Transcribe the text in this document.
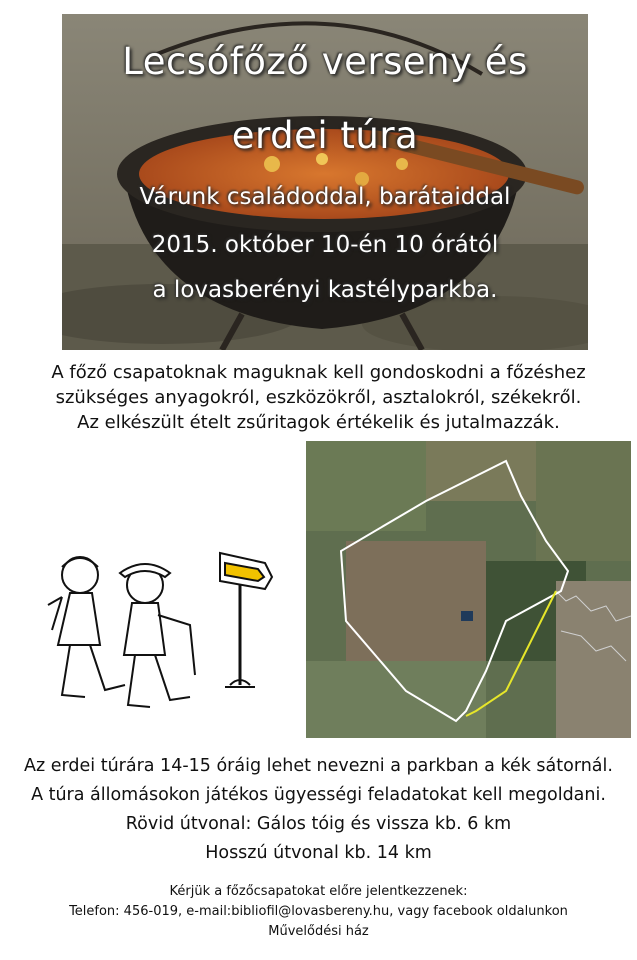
Lecsófőző verseny és
erdei túra
Várunk családoddal, barátaiddal
2015. október 10-én 10 órától
a lovasberényi kastélyparkba.
A főző csapatoknak maguknak kell gondoskodni a főzéshez
szükséges anyagokról, eszközökről, asztalokról, székekről.
Az elkészült ételt zsűritagok értékelik és jutalmazzák.
Az erdei túrára 14-15 óráig lehet nevezni a parkban a kék sátornál.
A túra állomásokon játékos ügyességi feladatokat kell megoldani.
Rövid útvonal: Gálos tóig és vissza kb. 6 km
Hosszú útvonal kb. 14 km
Kérjük a főzőcsapatokat előre jelentkezzenek:
Telefon: 456-019, e-mail:bibliofil@lovasbereny.hu, vagy facebook oldalunkon
Művelődési ház
